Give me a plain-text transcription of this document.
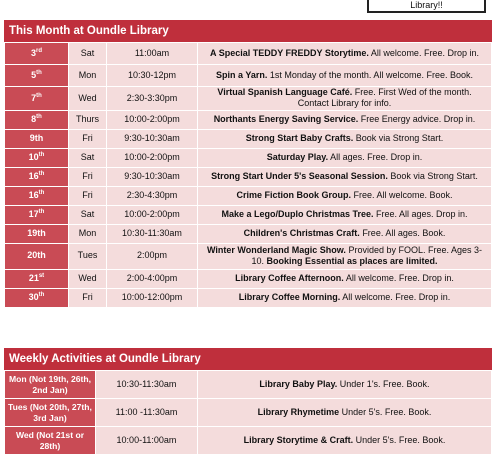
Library!!
This Month at Oundle Library
3rd	Sat	11:00am	A Special TEDDY FREDDY Storytime. All welcome. Free. Drop in.
5th	Mon	10:30-12pm	Spin a Yarn. 1st Monday of the month. All welcome. Free. Book.
7th	Wed	2:30-3:30pm	Virtual Spanish Language Café. Free. First Wed of the month. Contact Library for info.
8th	Thurs	10:00-2:00pm	Northants Energy Saving Service. Free Energy advice. Drop in.
9th	Fri	9:30-10:30am	Strong Start Baby Crafts. Book via Strong Start.
10th	Sat	10:00-2:00pm	Saturday Play. All ages. Free. Drop in.
16th	Fri	9:30-10:30am	Strong Start Under 5's Seasonal Session. Book via Strong Start.
16th	Fri	2:30-4:30pm	Crime Fiction Book Group. Free. All welcome. Book.
17th	Sat	10:00-2:00pm	Make a Lego/Duplo Christmas Tree. Free. All ages. Drop in.
19th	Mon	10:30-11:30am	Children's Christmas Craft. Free. All ages. Book.
20th	Tues	2:00pm	Winter Wonderland Magic Show. Provided by FOOL. Free. Ages 3-10. Booking Essential as places are limited.
21st	Wed	2:00-4:00pm	Library Coffee Afternoon. All welcome. Free. Drop in.
30th	Fri	10:00-12:00pm	Library Coffee Morning. All welcome. Free. Drop in.
Weekly Activities at Oundle Library
Mon (Not 19th, 26th, 2nd Jan)	10:30-11:30am	Library Baby Play. Under 1's. Free. Book.
Tues (Not 20th, 27th, 3rd Jan)	11:00 -11:30am	Library Rhymetime Under 5's. Free. Book.
Wed (Not 21st or 28th)	10:00-11:00am	Library Storytime & Craft. Under 5's. Free. Book.
